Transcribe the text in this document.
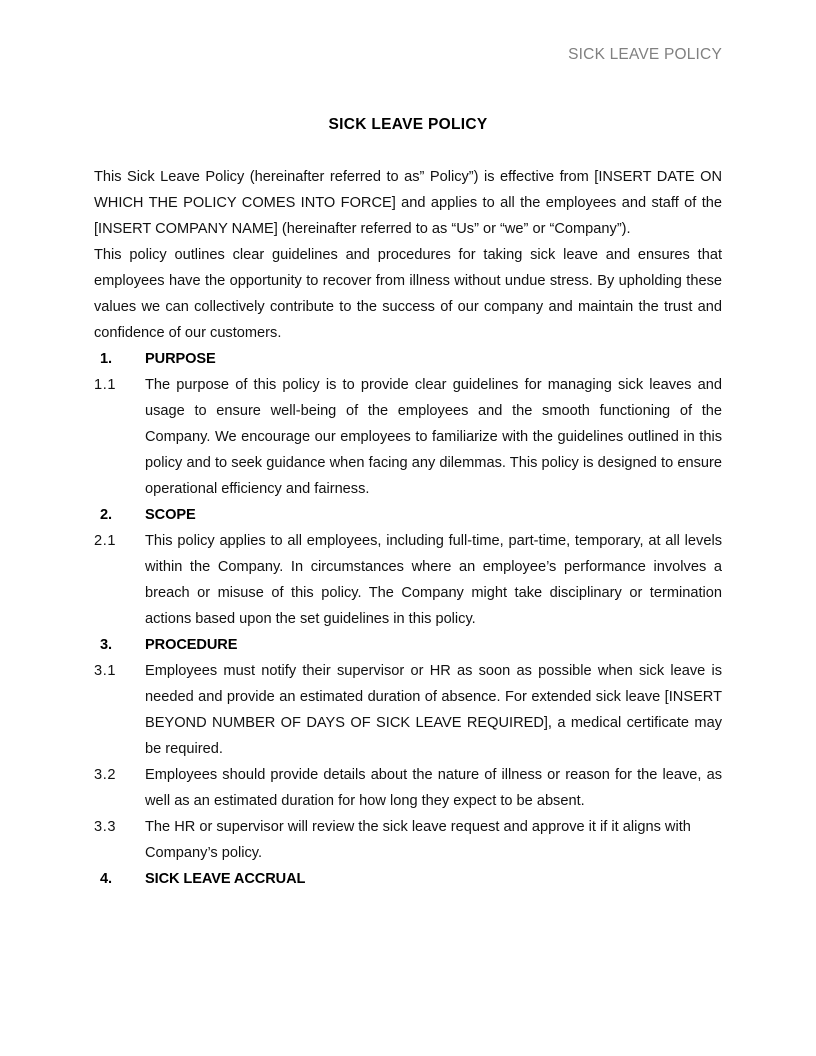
SICK LEAVE POLICY
SICK LEAVE POLICY

This Sick Leave Policy (hereinafter referred to as” Policy”) is effective from [INSERT DATE ON WHICH THE POLICY COMES INTO FORCE] and applies to all the employees and staff of the [INSERT COMPANY NAME] (hereinafter referred to as “Us” or “we” or “Company”).

This policy outlines clear guidelines and procedures for taking sick leave and ensures that employees have the opportunity to recover from illness without undue stress. By upholding these values we can collectively contribute to the success of our company and maintain the trust and confidence of our customers.

1.	PURPOSE
1.1	The purpose of this policy is to provide clear guidelines for managing sick leaves and usage to ensure well-being of the employees and the smooth functioning of the Company. We encourage our employees to familiarize with the guidelines outlined in this policy and to seek guidance when facing any dilemmas. This policy is designed to ensure operational efficiency and fairness.
2.	SCOPE
2.1	This policy applies to all employees, including full-time, part-time, temporary, at all levels within the Company. In circumstances where an employee’s performance involves a breach or misuse of this policy. The Company might take disciplinary or termination actions based upon the set guidelines in this policy.
3.	PROCEDURE
3.1	Employees must notify their supervisor or HR as soon as possible when sick leave is needed and provide an estimated duration of absence. For extended sick leave [INSERT BEYOND NUMBER OF DAYS OF SICK LEAVE REQUIRED], a medical certificate may be required.
3.2	Employees should provide details about the nature of illness or reason for the leave, as well as an estimated duration for how long they expect to be absent.
3.3	The HR or supervisor will review the sick leave request and approve it if it aligns with Company’s policy.
4.	SICK LEAVE ACCRUAL
